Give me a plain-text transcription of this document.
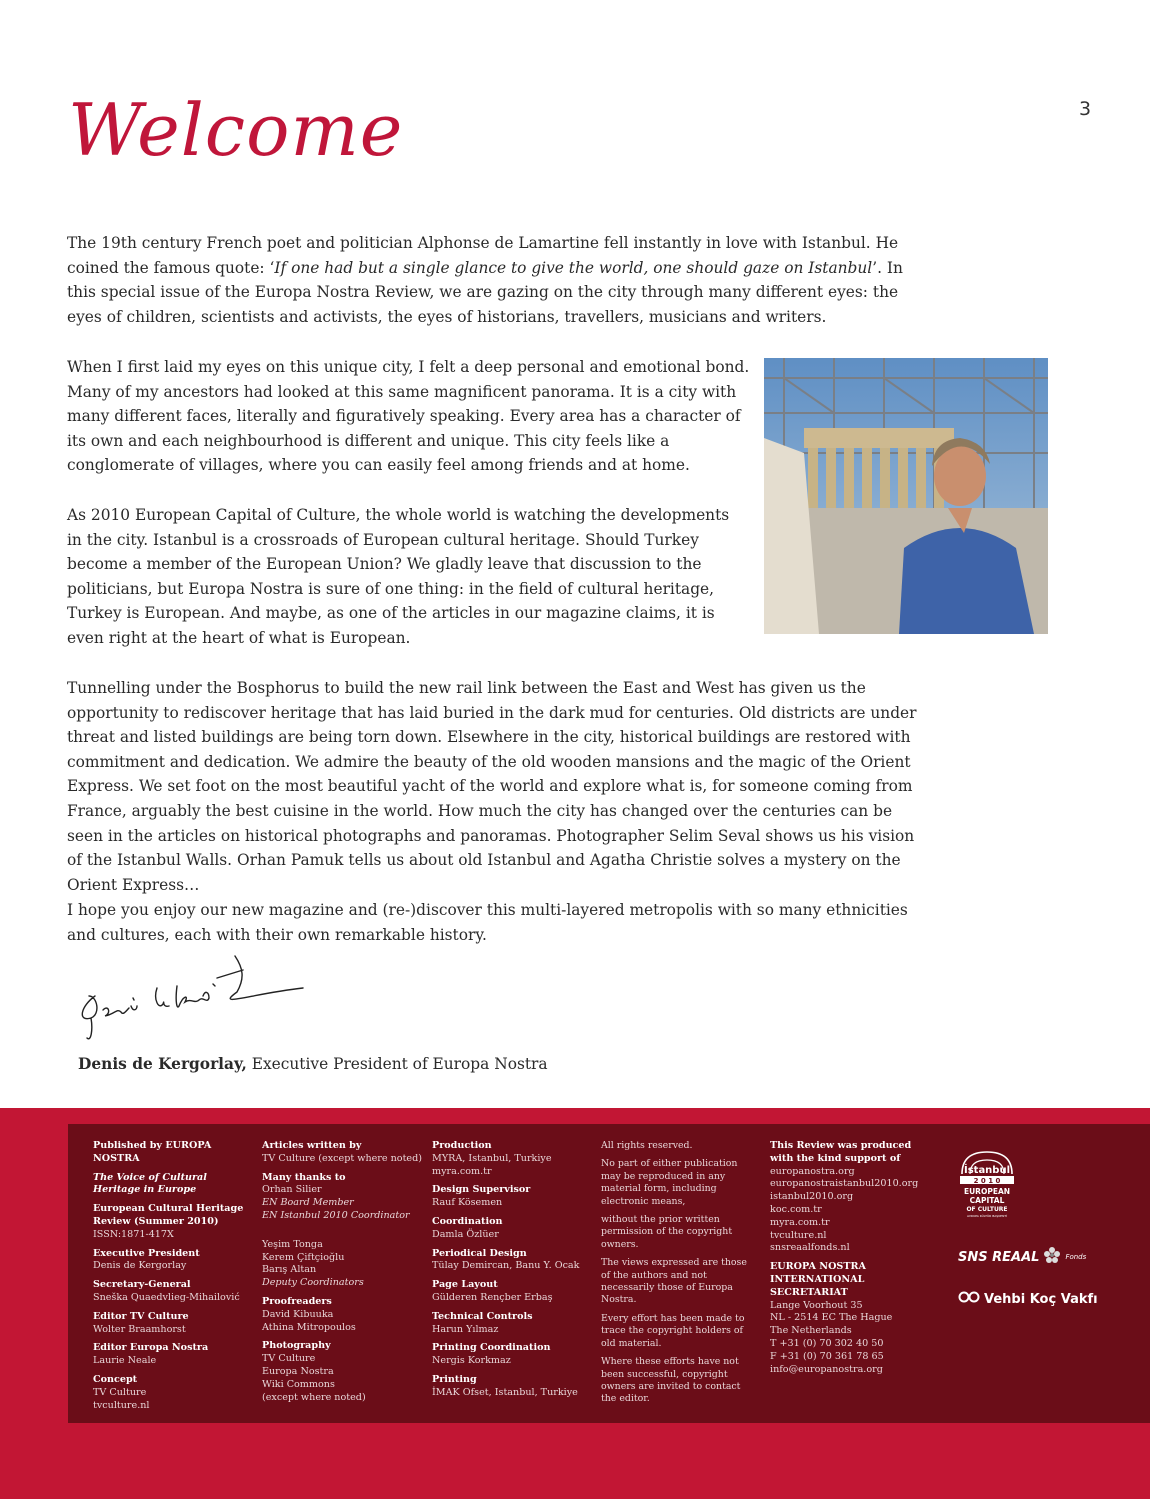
3
Welcome

The 19th century French poet and politician Alphonse de Lamartine fell instantly in love with Istanbul. He coined the famous quote: ‘If one had but a single glance to give the world, one should gaze on Istanbul’. In this special issue of the Europa Nostra Review, we are gazing on the city through many different eyes: the eyes of children, scientists and activists, the eyes of historians, travellers, musicians and writers.

When I first laid my eyes on this unique city, I felt a deep personal and emotional bond. Many of my ancestors had looked at this same magnificent panorama. It is a city with many different faces, literally and figuratively speaking. Every area has a character of its own and each neighbourhood is different and unique. This city feels like a conglomerate of villages, where you can easily feel among friends and at home.

As 2010 European Capital of Culture, the whole world is watching the developments in the city. Istanbul is a crossroads of European cultural heritage. Should Turkey become a member of the European Union? We gladly leave that discussion to the politicians, but Europa Nostra is sure of one thing: in the field of cultural heritage, Turkey is European. And maybe, as one of the articles in our magazine claims, it is even right at the heart of what is European.

Tunnelling under the Bosphorus to build the new rail link between the East and West has given us the opportunity to rediscover heritage that has laid buried in the dark mud for centuries. Old districts are under threat and listed buildings are being torn down. Elsewhere in the city, historical buildings are restored with commitment and dedication. We admire the beauty of the old wooden mansions and the magic of the Orient Express. We set foot on the most beautiful yacht of the world and explore what is, for someone coming from France, arguably the best cuisine in the world. How much the city has changed over the centuries can be seen in the articles on historical photographs and panoramas. Photographer Selim Seval shows us his vision of the Istanbul Walls. Orhan Pamuk tells us about old Istanbul and Agatha Christie solves a mystery on the Orient Express…

I hope you enjoy our new magazine and (re-)discover this multi-layered metropolis with so many ethnicities and cultures, each with their own remarkable history.

Denis de Kergorlay, Executive President of Europa Nostra

Published by EUROPA NOSTRA
The Voice of Cultural Heritage in Europe
European Cultural Heritage Review (Summer 2010)
ISSN:1871-417X
Executive President
Denis de Kergorlay
Secretary-General
Sneška Quaedvlieg-Mihailović
Editor TV Culture
Wolter Braamhorst
Editor Europa Nostra
Laurie Neale
Concept
TV Culture
tvculture.nl
Articles written by
TV Culture (except where noted)
Many thanks to
Orhan Silier
EN Board Member
EN Istanbul 2010 Coordinator
Yeşim Tonga
Kerem Çiftçioğlu
Barış Altan
Deputy Coordinators
Proofreaders
David Kibuuka
Athina Mitropoulos
Photography
TV Culture
Europa Nostra
Wiki Commons
(except where noted)
Production
MYRA, Istanbul, Turkiye
myra.com.tr
Design Supervisor
Rauf Kösemen
Coordination
Damla Özlüer
Periodical Design
Tülay Demircan, Banu Y. Ocak
Page Layout
Gülderen Rençber Erbaş
Technical Controls
Harun Yılmaz
Printing Coordination
Nergis Korkmaz
Printing
İMAK Ofset, Istanbul, Turkiye
All rights reserved.
No part of either publication may be reproduced in any material form, including electronic means,
without the prior written permission of the copyright owners.
The views expressed are those of the authors and not necessarily those of Europa Nostra.
Every effort has been made to trace the copyright holders of old material.
Where these efforts have not been successful, copyright owners are invited to contact the editor.
This Review was produced with the kind support of
europanostra.org
europanostraistanbul2010.org
istanbul2010.org
koc.com.tr
myra.com.tr
tvculture.nl
snsreaalfonds.nl
EUROPA NOSTRA INTERNATIONAL SECRETARIAT
Lange Voorhout 35
NL - 2514 EC The Hague
The Netherlands
T +31 (0) 70 302 40 50
F +31 (0) 70 361 78 65
info@europanostra.org
İstanbul
2 0 1 0
EUROPEAN
CAPITAL
OF CULTURE
AVRUPA KÜLTÜR BAŞKENTİ
SNS REAAL	Fonds
Vehbi Koç Vakfı
